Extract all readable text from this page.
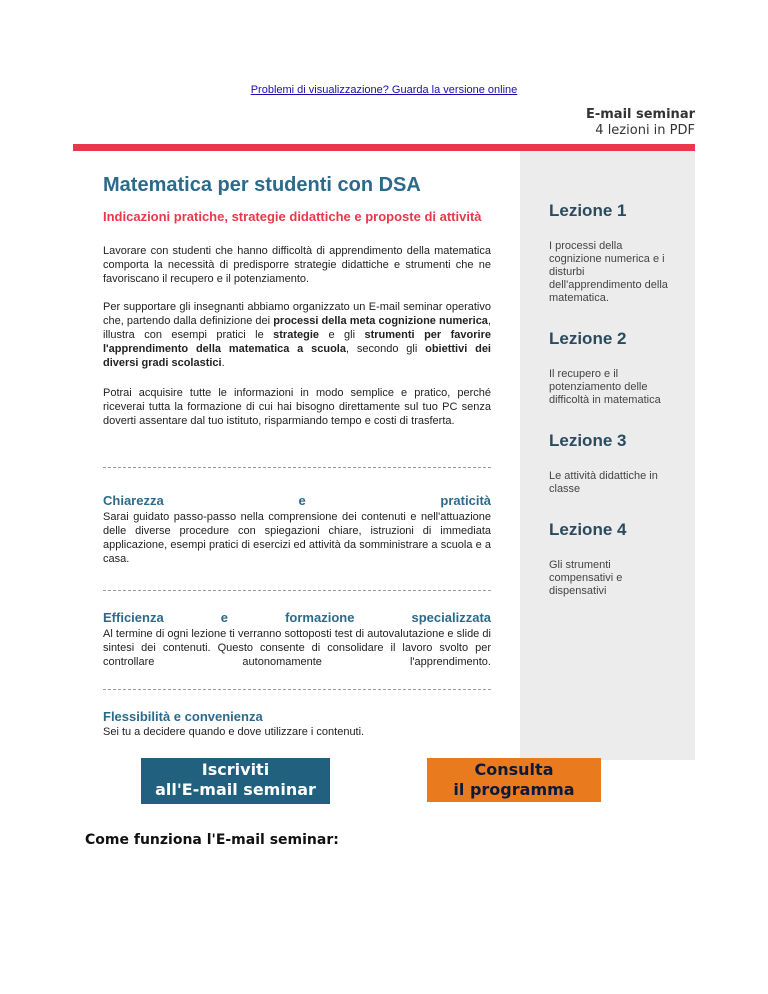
Problemi di visualizzazione? Guarda la versione online
E-mail seminar
4 lezioni in PDF
Lezione 1
I processi della cognizione numerica e i disturbi dell'apprendimento della matematica.
Lezione 2
Il recupero e il potenziamento delle difficoltà in matematica
Lezione 3
Le attività didattiche in classe
Lezione 4
Gli strumenti compensativi e dispensativi
Matematica per studenti con DSA
Indicazioni pratiche, strategie didattiche e proposte di attività

Lavorare con studenti che hanno difficoltà di apprendimento della matematica comporta la necessità di predisporre strategie didattiche e strumenti che ne favoriscano il recupero e il potenziamento.

Per supportare gli insegnanti abbiamo organizzato un E-mail seminar operativo che, partendo dalla definizione dei processi della meta cognizione numerica, illustra con esempi pratici le strategie e gli strumenti per favorire l'apprendimento della matematica a scuola, secondo gli obiettivi dei diversi gradi scolastici.

Potrai acquisire tutte le informazioni in modo semplice e pratico, perché riceverai tutta la formazione di cui hai bisogno direttamente sul tuo PC senza doverti assentare dal tuo istituto, risparmiando tempo e costi di trasferta.

Chiarezza e praticità

Sarai guidato passo-passo nella comprensione dei contenuti e nell'attuazione delle diverse procedure con spiegazioni chiare, istruzioni di immediata applicazione, esempi pratici di esercizi ed attività da somministrare a scuola e a casa.

Efficienza e formazione specializzata

Al termine di ogni lezione ti verranno sottoposti test di autovalutazione e slide di sintesi dei contenuti. Questo consente di consolidare il lavoro svolto per controllare autonomamente l'apprendimento.

Flessibilità e convenienza

Sei tu a decidere quando e dove utilizzare i contenuti.

Iscriviti
all'E-mail seminar
Consulta
il programma
Come funziona l'E-mail seminar:
